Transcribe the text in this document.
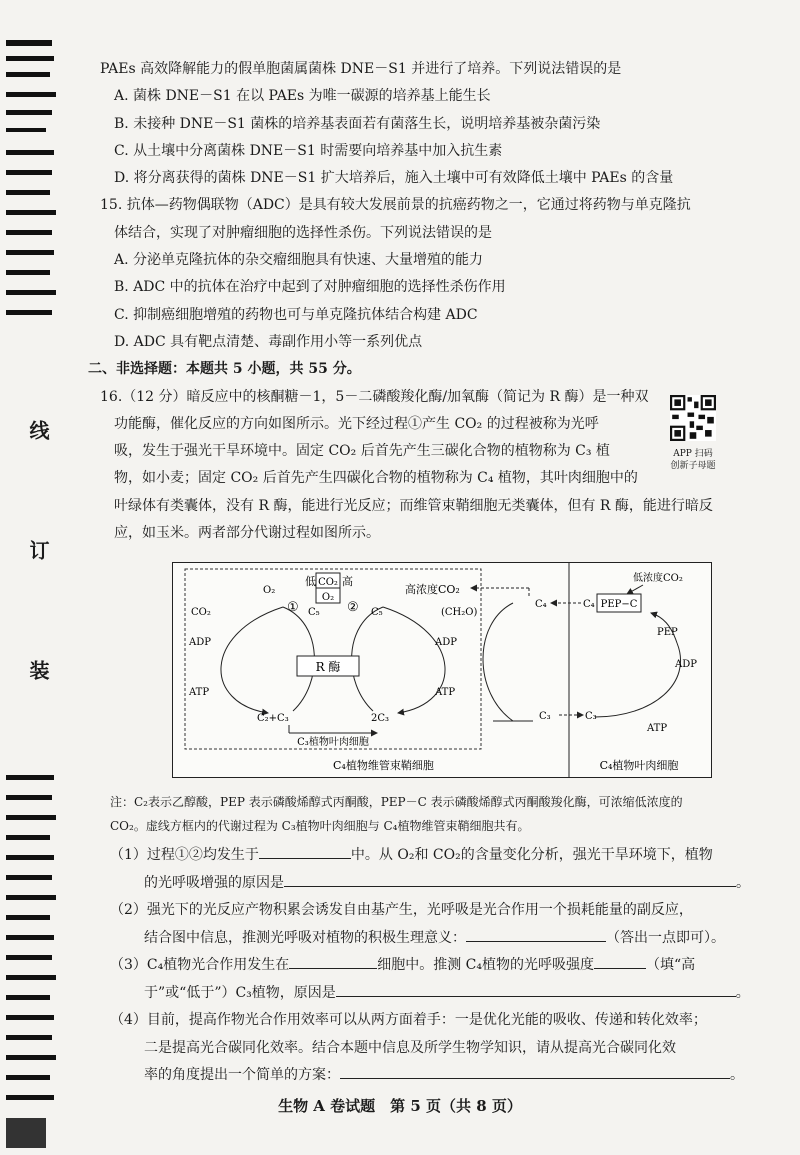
线
订
装
PAEs 高效降解能力的假单胞菌属菌株 DNE－S1 并进行了培养。下列说法错误的是
A. 菌株 DNE－S1 在以 PAEs 为唯一碳源的培养基上能生长
B. 未接种 DNE－S1 菌株的培养基表面若有菌落生长，说明培养基被杂菌污染
C. 从土壤中分离菌株 DNE－S1 时需要向培养基中加入抗生素
D. 将分离获得的菌株 DNE－S1 扩大培养后，施入土壤中可有效降低土壤中 PAEs 的含量
15. 抗体—药物偶联物（ADC）是具有较大发展前景的抗癌药物之一，它通过将药物与单克隆抗
体结合，实现了对肿瘤细胞的选择性杀伤。下列说法错误的是
A. 分泌单克隆抗体的杂交瘤细胞具有快速、大量增殖的能力
B. ADC 中的抗体在治疗中起到了对肿瘤细胞的选择性杀伤作用
C. 抑制癌细胞增殖的药物也可与单克隆抗体结合构建 ADC
D. ADC 具有靶点清楚、毒副作用小等一系列优点
二、非选择题：本题共 5 小题，共 55 分。
16.（12 分）暗反应中的核酮糖－1，5－二磷酸羧化酶/加氧酶（简记为 R 酶）是一种双
功能酶，催化反应的方向如图所示。光下经过程①产生 CO₂ 的过程被称为光呼
吸，发生于强光干旱环境中。固定 CO₂ 后首先产生三碳化合物的植物称为 C₃ 植
物，如小麦；固定 CO₂ 后首先产生四碳化合物的植物称为 C₄ 植物，其叶肉细胞中的
叶绿体有类囊体，没有 R 酶，能进行光反应；而维管束鞘细胞无类囊体，但有 R 酶，能进行暗反
应，如玉米。两者部分代谢过程如图所示。
APP 扫码
创新子母题
R 酶
CO₂
O₂
低 高
O₂
①	②
C₅	C₅
CO₂	(CH₂O)
ADP
ATP
ADP
ATP
C₂+C₃	2C₃
C₃植物叶肉细胞
高浓度CO₂
C₄	C₄ PEP−C
低浓度CO₂
PEP
ADP
ATP
C₃	C₃
C₄植物维管束鞘细胞	C₄植物叶肉细胞
注：C₂表示乙醇酸，PEP 表示磷酸烯醇式丙酮酸，PEP－C 表示磷酸烯醇式丙酮酸羧化酶，可浓缩低浓度的
CO₂。虚线方框内的代谢过程为 C₃植物叶肉细胞与 C₄植物维管束鞘细胞共有。
（1）过程①②均发生于	中。从 O₂和 CO₂的含量变化分析，强光干旱环境下，植物
的光呼吸增强的原因是	。
（2）强光下的光反应产物积累会诱发自由基产生，光呼吸是光合作用一个损耗能量的副反应，
结合图中信息，推测光呼吸对植物的积极生理意义：	（答出一点即可）。
（3）C₄植物光合作用发生在	细胞中。推测 C₄植物的光呼吸强度	（填“高
于”或“低于”）C₃植物，原因是	。
（4）目前，提高作物光合作用效率可以从两方面着手：一是优化光能的吸收、传递和转化效率；
二是提高光合碳同化效率。结合本题中信息及所学生物学知识，请从提高光合碳同化效
率的角度提出一个简单的方案：	。
生物 A 卷试题　第 5 页（共 8 页）
